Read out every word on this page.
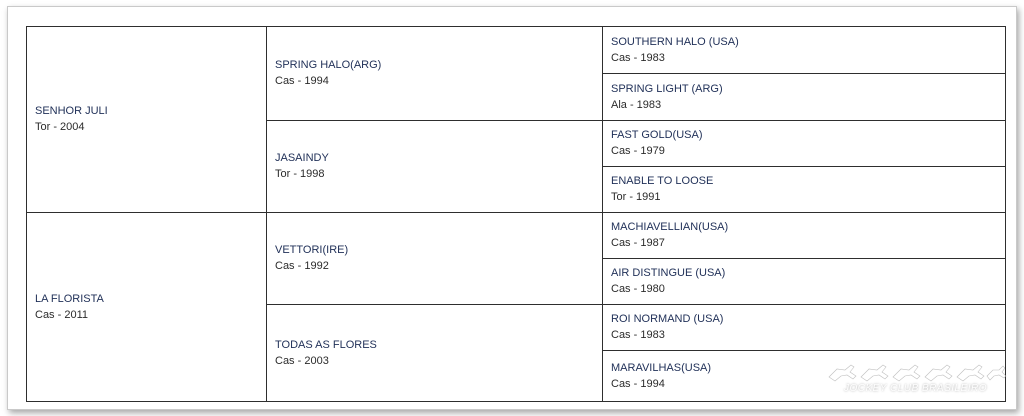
SENHOR JULI
Tor - 2004
LA FLORISTA
Cas - 2011
SPRING HALO(ARG)
Cas - 1994
JASAINDY
Tor - 1998
VETTORI(IRE)
Cas - 1992
TODAS AS FLORES
Cas - 2003
SOUTHERN HALO (USA)
Cas - 1983
SPRING LIGHT (ARG)
Ala - 1983
FAST GOLD(USA)
Cas - 1979
ENABLE TO LOOSE
Tor - 1991
MACHIAVELLIAN(USA)
Cas - 1987
AIR DISTINGUE (USA)
Cas - 1980
ROI NORMAND (USA)
Cas - 1983
MARAVILHAS(USA)
Cas - 1994	JOCKEY CLUB BRASILEIRO
